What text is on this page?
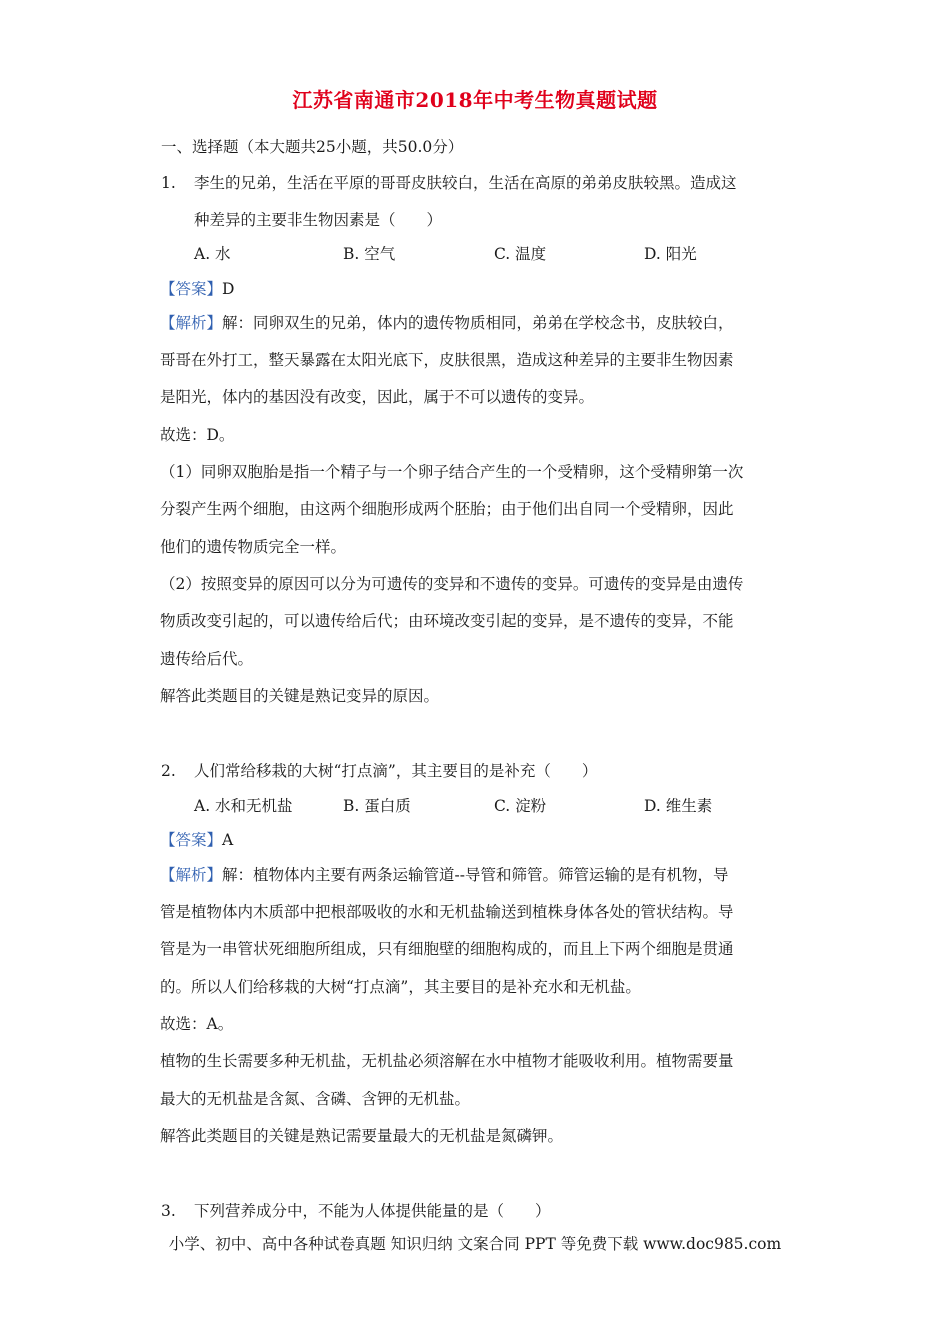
江苏省南通市2018年中考生物真题试题
一、选择题（本大题共25小题，共50.0分）
1. 李生的兄弟，生活在平原的哥哥皮肤较白，生活在高原的弟弟皮肤较黑。造成这
种差异的主要非生物因素是（　　）
A. 水	B. 空气	C. 温度	D. 阳光
【答案】D
【解析】解：同卵双生的兄弟，体内的遗传物质相同，弟弟在学校念书，皮肤较白，
哥哥在外打工，整天暴露在太阳光底下，皮肤很黑，造成这种差异的主要非生物因素
是阳光，体内的基因没有改变，因此，属于不可以遗传的变异。
故选：D。
（1）同卵双胞胎是指一个精子与一个卵子结合产生的一个受精卵，这个受精卵第一次
分裂产生两个细胞，由这两个细胞形成两个胚胎；由于他们出自同一个受精卵，因此
他们的遗传物质完全一样。
（2）按照变异的原因可以分为可遗传的变异和不遗传的变异。可遗传的变异是由遗传
物质改变引起的，可以遗传给后代；由环境改变引起的变异，是不遗传的变异，不能
遗传给后代。
解答此类题目的关键是熟记变异的原因。
2. 人们常给移栽的大树“打点滴”，其主要目的是补充（　　）
A. 水和无机盐	B. 蛋白质	C. 淀粉	D. 维生素
【答案】A
【解析】解：植物体内主要有两条运输管道--导管和筛管。筛管运输的是有机物，导
管是植物体内木质部中把根部吸收的水和无机盐输送到植株身体各处的管状结构。导
管是为一串管状死细胞所组成，只有细胞壁的细胞构成的，而且上下两个细胞是贯通
的。所以人们给移栽的大树“打点滴”，其主要目的是补充水和无机盐。
故选：A。
植物的生长需要多种无机盐，无机盐必须溶解在水中植物才能吸收利用。植物需要量
最大的无机盐是含氮、含磷、含钾的无机盐。
解答此类题目的关键是熟记需要量最大的无机盐是氮磷钾。
3. 下列营养成分中，不能为人体提供能量的是（　　）
小学、初中、高中各种试卷真题 知识归纳 文案合同 PPT 等免费下载 www.doc985.com
